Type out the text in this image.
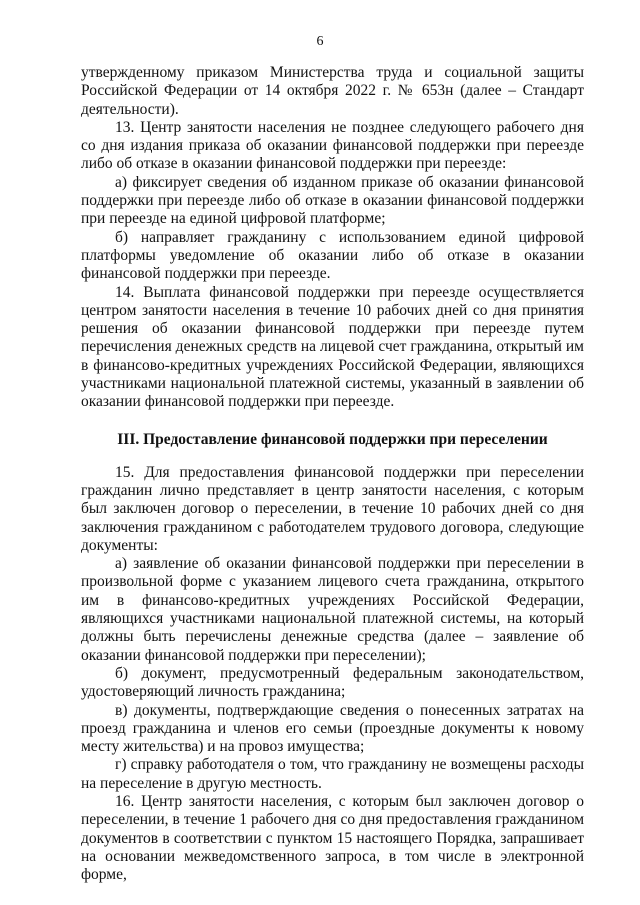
6

утвержденному приказом Министерства труда и социальной защиты Российской Федерации от 14 октября 2022 г. № 653н (далее – Стандарт деятельности).

13. Центр занятости населения не позднее следующего рабочего дня со дня издания приказа об оказании финансовой поддержки при переезде либо об отказе в оказании финансовой поддержки при переезде:

а) фиксирует сведения об изданном приказе об оказании финансовой поддержки при переезде либо об отказе в оказании финансовой поддержки при переезде на единой цифровой платформе;

б) направляет гражданину с использованием единой цифровой платформы уведомление об оказании либо об отказе в оказании финансовой поддержки при переезде.

14. Выплата финансовой поддержки при переезде осуществляется центром занятости населения в течение 10 рабочих дней со дня принятия решения об оказании финансовой поддержки при переезде путем перечисления денежных средств на лицевой счет гражданина, открытый им в финансово-кредитных учреждениях Российской Федерации, являющихся участниками национальной платежной системы, указанный в заявлении об оказании финансовой поддержки при переезде.

III. Предоставление финансовой поддержки при переселении

15. Для предоставления финансовой поддержки при переселении гражданин лично представляет в центр занятости населения, с которым был заключен договор о переселении, в течение 10 рабочих дней со дня заключения гражданином с работодателем трудового договора, следующие документы:

а) заявление об оказании финансовой поддержки при переселении в произвольной форме с указанием лицевого счета гражданина, открытого им в финансово-кредитных учреждениях Российской Федерации, являющихся участниками национальной платежной системы, на который должны быть перечислены денежные средства (далее – заявление об оказании финансовой поддержки при переселении);

б) документ, предусмотренный федеральным законодательством, удостоверяющий личность гражданина;

в) документы, подтверждающие сведения о понесенных затратах на проезд гражданина и членов его семьи (проездные документы к новому месту жительства) и на провоз имущества;

г) справку работодателя о том, что гражданину не возмещены расходы на переселение в другую местность.

16. Центр занятости населения, с которым был заключен договор о переселении, в течение 1 рабочего дня со дня предоставления гражданином документов в соответствии с пунктом 15 настоящего Порядка, запрашивает на основании межведомственного запроса, в том числе в электронной форме,
